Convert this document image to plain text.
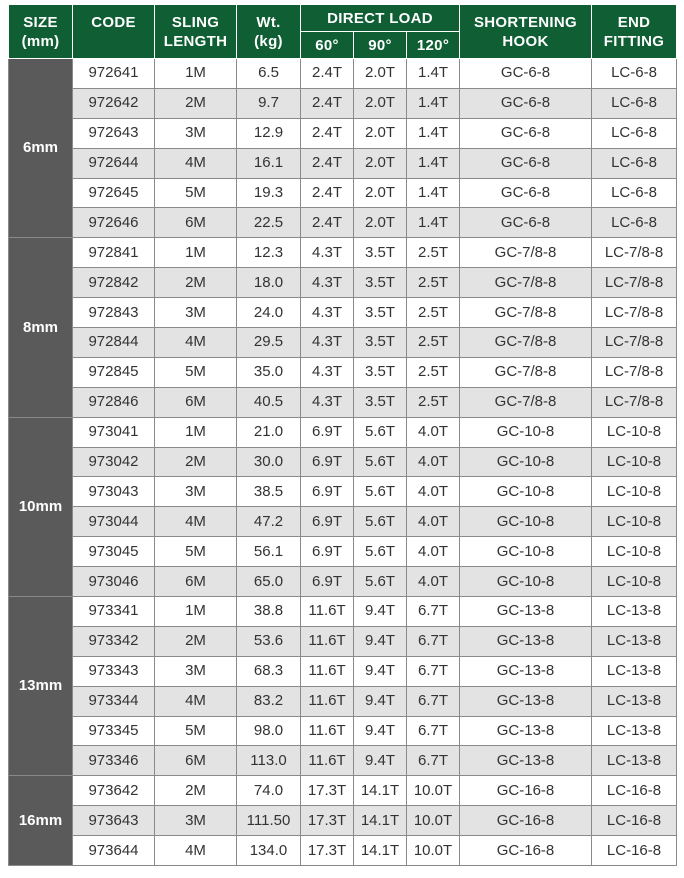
SIZE (mm)	CODE	SLING LENGTH	Wt. (kg)	DIRECT LOAD			SHORTENING HOOK	END FITTING
				60°	90°	120°		
6mm	972641	1M	6.5	2.4T	2.0T	1.4T	GC-6-8	LC-6-8
	972642	2M	9.7	2.4T	2.0T	1.4T	GC-6-8	LC-6-8
	972643	3M	12.9	2.4T	2.0T	1.4T	GC-6-8	LC-6-8
	972644	4M	16.1	2.4T	2.0T	1.4T	GC-6-8	LC-6-8
	972645	5M	19.3	2.4T	2.0T	1.4T	GC-6-8	LC-6-8
	972646	6M	22.5	2.4T	2.0T	1.4T	GC-6-8	LC-6-8
8mm	972841	1M	12.3	4.3T	3.5T	2.5T	GC-7/8-8	LC-7/8-8
	972842	2M	18.0	4.3T	3.5T	2.5T	GC-7/8-8	LC-7/8-8
	972843	3M	24.0	4.3T	3.5T	2.5T	GC-7/8-8	LC-7/8-8
	972844	4M	29.5	4.3T	3.5T	2.5T	GC-7/8-8	LC-7/8-8
	972845	5M	35.0	4.3T	3.5T	2.5T	GC-7/8-8	LC-7/8-8
	972846	6M	40.5	4.3T	3.5T	2.5T	GC-7/8-8	LC-7/8-8
10mm	973041	1M	21.0	6.9T	5.6T	4.0T	GC-10-8	LC-10-8
	973042	2M	30.0	6.9T	5.6T	4.0T	GC-10-8	LC-10-8
	973043	3M	38.5	6.9T	5.6T	4.0T	GC-10-8	LC-10-8
	973044	4M	47.2	6.9T	5.6T	4.0T	GC-10-8	LC-10-8
	973045	5M	56.1	6.9T	5.6T	4.0T	GC-10-8	LC-10-8
	973046	6M	65.0	6.9T	5.6T	4.0T	GC-10-8	LC-10-8
13mm	973341	1M	38.8	11.6T	9.4T	6.7T	GC-13-8	LC-13-8
	973342	2M	53.6	11.6T	9.4T	6.7T	GC-13-8	LC-13-8
	973343	3M	68.3	11.6T	9.4T	6.7T	GC-13-8	LC-13-8
	973344	4M	83.2	11.6T	9.4T	6.7T	GC-13-8	LC-13-8
	973345	5M	98.0	11.6T	9.4T	6.7T	GC-13-8	LC-13-8
	973346	6M	113.0	11.6T	9.4T	6.7T	GC-13-8	LC-13-8
16mm	973642	2M	74.0	17.3T	14.1T	10.0T	GC-16-8	LC-16-8
	973643	3M	111.50	17.3T	14.1T	10.0T	GC-16-8	LC-16-8
	973644	4M	134.0	17.3T	14.1T	10.0T	GC-16-8	LC-16-8
